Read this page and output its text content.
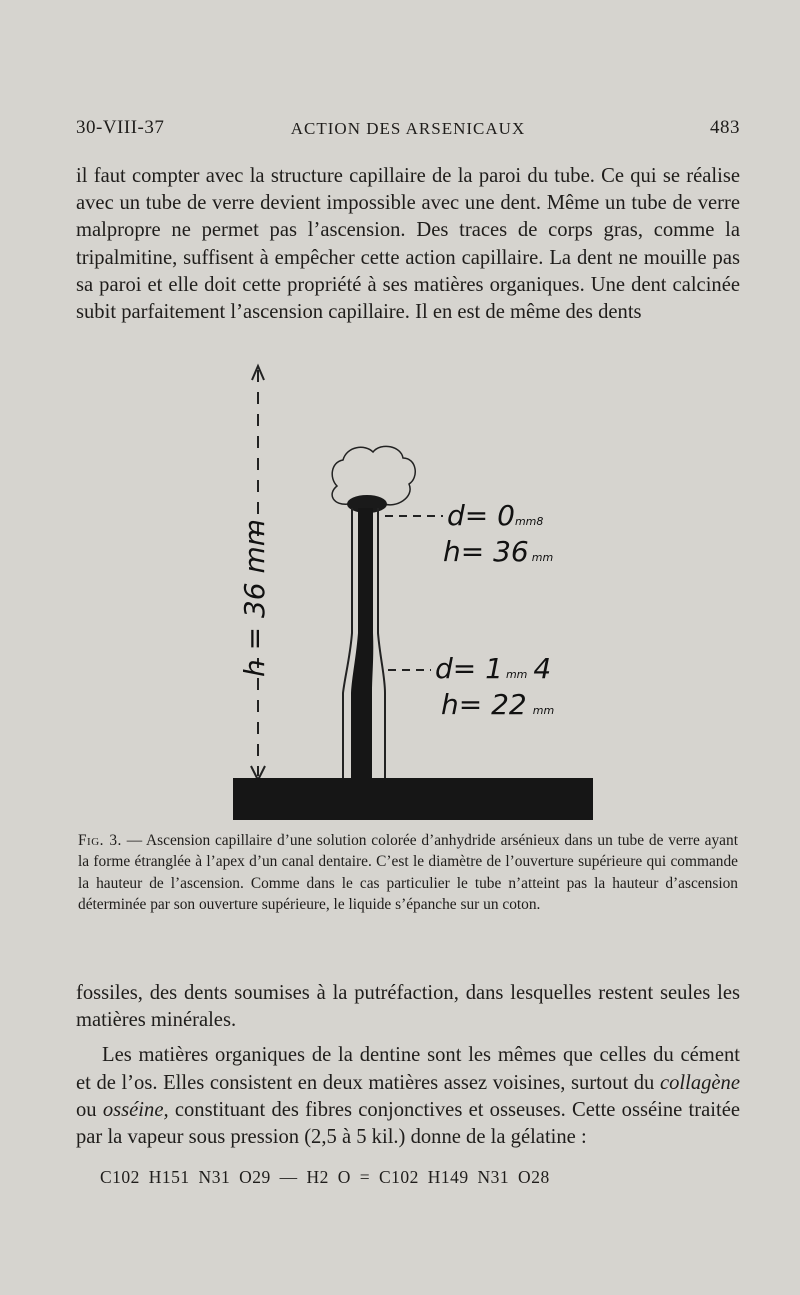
30-VIII-37	ACTION DES ARSENICAUX	483

il faut compter avec la structure capillaire de la paroi du tube. Ce qui se réalise avec un tube de verre devient impossible avec une dent. Même un tube de verre malpropre ne permet pas l’ascension. Des traces de corps gras, comme la tripalmitine, suffisent à empêcher cette action capillaire. La dent ne mouille pas sa paroi et elle doit cette propriété à ses matières organiques. Une dent calcinée subit parfaitement l’ascension capillaire. Il en est de même des dents

h = 36 mm
d= 0mm8
h= 36 mm
d= 1 mm 4
h= 22 mm
Fig. 3. — Ascension capillaire d’une solution colorée d’anhydride arsénieux dans un tube de verre ayant la forme étranglée à l’apex d’un canal dentaire. C’est le diamètre de l’ouverture supérieure qui commande la hauteur de l’ascension. Comme dans le cas particulier le tube n’atteint pas la hauteur d’ascension déterminée par son ouverture supérieure, le liquide s’épanche sur un coton.

fossiles, des dents soumises à la putréfaction, dans lesquelles restent seules les matières minérales.

Les matières organiques de la dentine sont les mêmes que celles du cément et de l’os. Elles consistent en deux matières assez voisines, surtout du collagène ou osséine, constituant des fibres conjonctives et osseuses. Cette osséine traitée par la vapeur sous pression (2,5 à 5 kil.) donne de la gélatine :

C102 H151 N31 O29 — H2 O = C102 H149 N31 O28
